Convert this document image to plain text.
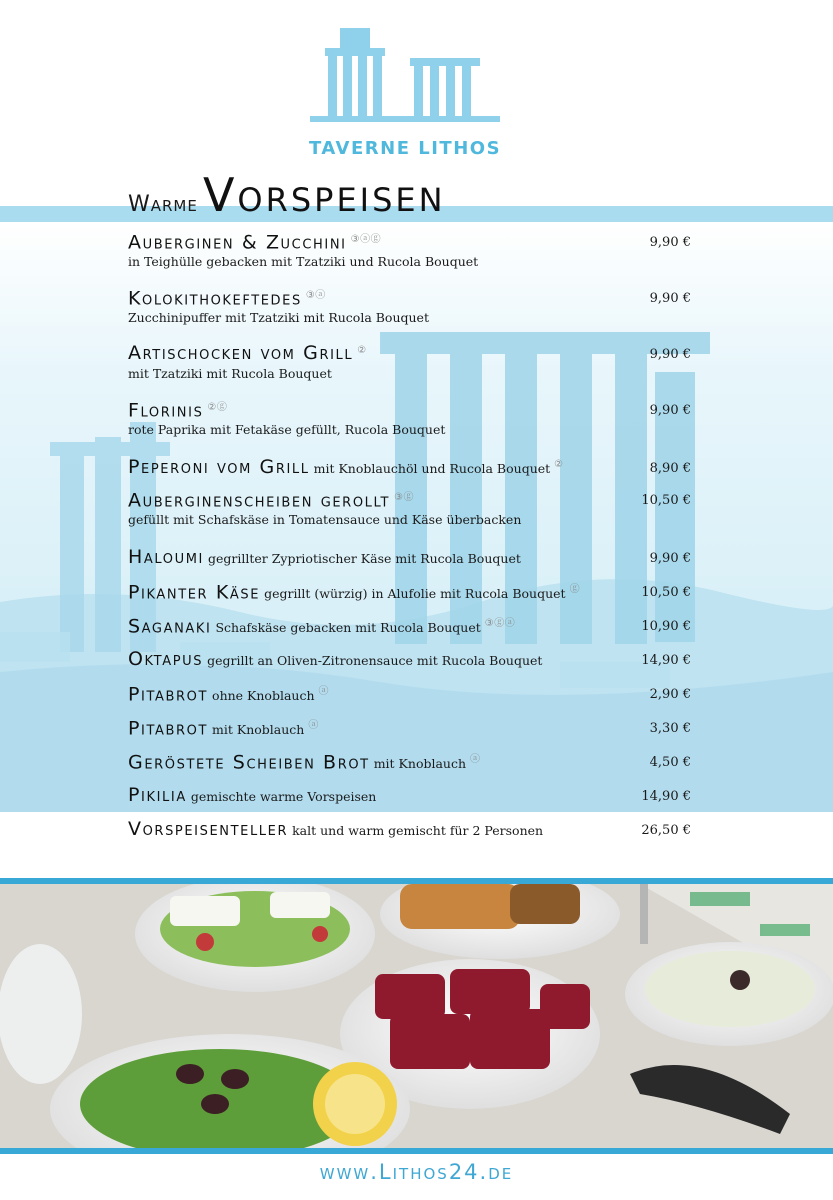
TAVERNE LITHOS
Warme Vorspeisen
Auberginen & Zucchini ③ⓐⓖ	9,90 €
in Teighülle gebacken mit Tzatziki und Rucola Bouquet
Kolokithokeftedes ③ⓐ	9,90 €
Zucchinipuffer mit Tzatziki mit Rucola Bouquet
Artischocken vom Grill ②	9,90 €
mit Tzatziki mit Rucola Bouquet
Florinis ②ⓖ	9,90 €
rote Paprika mit Fetakäse gefüllt, Rucola Bouquet
Peperoni vom Grill mit Knoblauchöl und Rucola Bouquet ②	8,90 €
Auberginenscheiben gerollt ③ⓖ	10,50 €
gefüllt mit Schafskäse in Tomatensauce und Käse überbacken
Haloumi gegrillter Zypriotischer Käse mit Rucola Bouquet	9,90 €
Pikanter Käse gegrillt (würzig) in Alufolie mit Rucola Bouquet ⓖ	10,50 €
Saganaki Schafskäse gebacken mit Rucola Bouquet ③ⓖⓐ	10,90 €
Oktapus gegrillt an Oliven-Zitronensauce mit Rucola Bouquet	14,90 €
Pitabrot ohne Knoblauch ⓐ	2,90 €
Pitabrot mit Knoblauch ⓐ	3,30 €
Geröstete Scheiben Brot mit Knoblauch ⓐ	4,50 €
Pikilia gemischte warme Vorspeisen	14,90 €
Vorspeisenteller kalt und warm gemischt für 2 Personen	26,50 €
www.Lithos24.de
